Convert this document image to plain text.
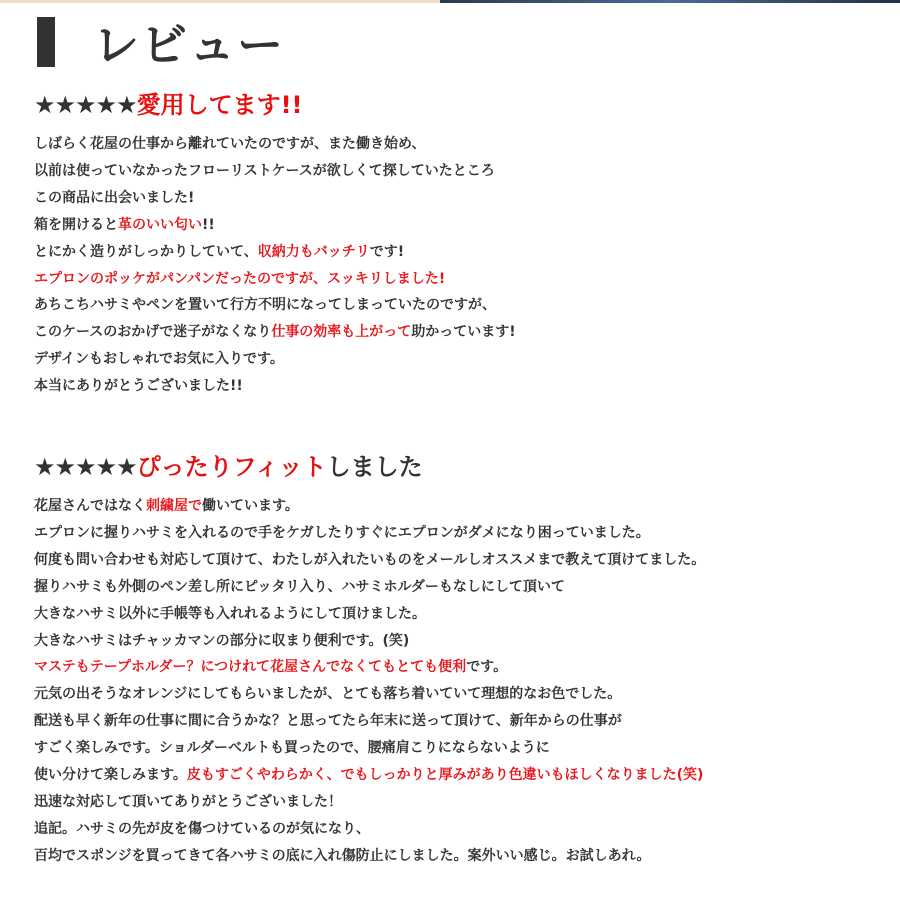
レビュー
★★★★★愛用してます!!
しばらく花屋の仕事から離れていたのですが、また働き始め、
以前は使っていなかったフローリストケースが欲しくて探していたところ
この商品に出会いました!
箱を開けると革のいい匂い!!
とにかく造りがしっかりしていて、収納力もバッチリです!
エプロンのポッケがパンパンだったのですが、スッキリしました!
あちこちハサミやペンを置いて行方不明になってしまっていたのですが、
このケースのおかげで迷子がなくなり仕事の効率も上がって助かっています!
デザインもおしゃれでお気に入りです。
本当にありがとうございました!!
★★★★★ぴったりフィットしました
花屋さんではなく刺繍屋で働いています。
エプロンに握りハサミを入れるので手をケガしたりすぐにエプロンがダメになり困っていました。
何度も問い合わせも対応して頂けて、わたしが入れたいものをメールしオススメまで教えて頂けてました。
握りハサミも外側のペン差し所にピッタリ入り、ハサミホルダーもなしにして頂いて
大きなハサミ以外に手帳等も入れれるようにして頂けました。
大きなハサミはチャッカマンの部分に収まり便利です。(笑)
マステもテープホルダー？につけれて花屋さんでなくてもとても便利です。
元気の出そうなオレンジにしてもらいましたが、とても落ち着いていて理想的なお色でした。
配送も早く新年の仕事に間に合うかな？と思ってたら年末に送って頂けて、新年からの仕事が
すごく楽しみです。ショルダーベルトも買ったので、腰痛肩こりにならないように
使い分けて楽しみます。皮もすごくやわらかく、でもしっかりと厚みがあり色違いもほしくなりました(笑)
迅速な対応して頂いてありがとうございました！
追記。ハサミの先が皮を傷つけているのが気になり、
百均でスポンジを買ってきて各ハサミの底に入れ傷防止にしました。案外いい感じ。お試しあれ。
